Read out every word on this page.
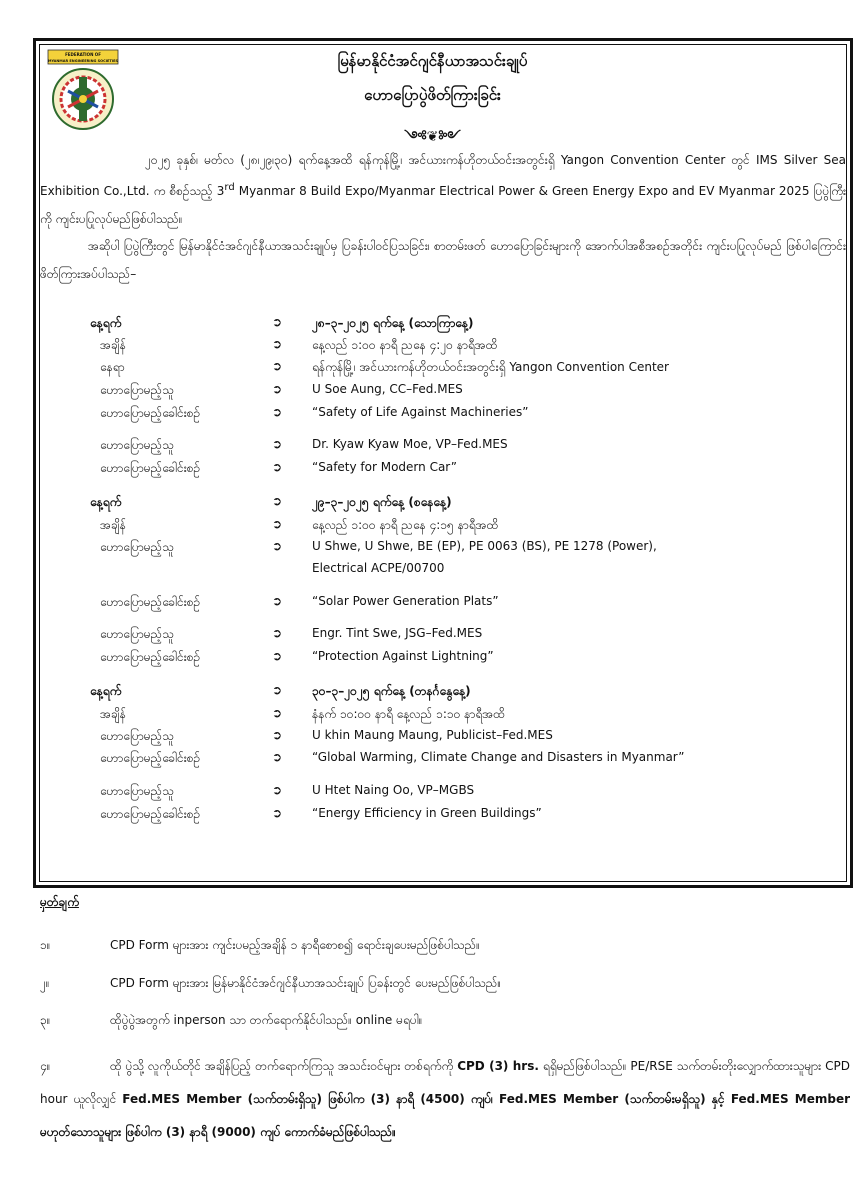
FEDERATION OF
MYANMAR ENGINEERING SOCIETIES	မြန်မာနိုင်ငံအင်ဂျင်နီယာအသင်းချုပ်
ဟောပြောပွဲဖိတ်ကြားခြင်း
༺❦༻
၂၀၂၅ ခုနှစ်၊ မတ်လ (၂၈၊၂၉၊၃၀) ရက်နေ့အထိ ရန်ကုန်မြို့၊ အင်ယားကန်ဟိုတယ်ဝင်းအတွင်းရှိ Yangon Convention Center တွင် IMS Silver Sea Exhibition Co.,Ltd. က စီစဉ်သည့် 3rd Myanmar 8 Build Expo/Myanmar Electrical Power & Green Energy Expo and EV Myanmar 2025 ပြပွဲကြီးကို ကျင်းပပြုလုပ်မည်ဖြစ်ပါသည်။
အဆိုပါ ပြပွဲကြီးတွင် မြန်မာနိုင်ငံအင်ဂျင်နီယာအသင်းချုပ်မှ ပြခန်းပါဝင်ပြသခြင်း၊ စာတမ်းဖတ် ဟောပြောခြင်းများကို အောက်ပါအစီအစဉ်အတိုင်း ကျင်းပပြုလုပ်မည် ဖြစ်ပါကြောင်း ဖိတ်ကြားအပ်ပါသည်–
နေ့ရက်	➲ ၂၈–၃–၂၀၂၅ ရက်နေ့ (သောကြာနေ့)
အချိန်	➲ နေ့လည် ၁:၀၀ နာရီ ညနေ ၄:၂၀ နာရီအထိ
နေရာ	➲ ရန်ကုန်မြို့၊ အင်ယားကန်ဟိုတယ်ဝင်းအတွင်းရှိ Yangon Convention Center
ဟောပြောမည့်သူ	➲ U Soe Aung, CC–Fed.MES
ဟောပြောမည့်ခေါင်းစဉ်	➲ “Safety of Life Against Machineries”
ဟောပြောမည့်သူ	➲ Dr. Kyaw Kyaw Moe, VP–Fed.MES
ဟောပြောမည့်ခေါင်းစဉ်	➲ “Safety for Modern Car”
နေ့ရက်	➲ ၂၉–၃–၂၀၂၅ ရက်နေ့ (စနေနေ့)
အချိန်	➲ နေ့လည် ၁:၀၀ နာရီ ညနေ ၄:၁၅ နာရီအထိ
ဟောပြောမည့်သူ	➲ U Shwe, U Shwe, BE (EP), PE 0063 (BS), PE 1278 (Power),
Electrical ACPE/00700
ဟောပြောမည့်ခေါင်းစဉ်	➲ “Solar Power Generation Plats”
ဟောပြောမည့်သူ	➲ Engr. Tint Swe, JSG–Fed.MES
ဟောပြောမည့်ခေါင်းစဉ်	➲ “Protection Against Lightning”
နေ့ရက်	➲ ၃၀–၃–၂၀၂၅ ရက်နေ့ (တနင်္ဂနွေနေ့)
အချိန်	➲ နံနက် ၁၀:၀၀ နာရီ နေ့လည် ၁:၁၀ နာရီအထိ
ဟောပြောမည့်သူ	➲ U khin Maung Maung, Publicist–Fed.MES
ဟောပြောမည့်ခေါင်းစဉ်	➲ “Global Warming, Climate Change and Disasters in Myanmar”
ဟောပြောမည့်သူ	➲ U Htet Naing Oo, VP–MGBS
ဟောပြောမည့်ခေါင်းစဉ်	➲ “Energy Efficiency in Green Buildings”
မှတ်ချက်
၁။	CPD Form များအား ကျင်းပမည့်အချိန် ၁ နာရီစောစ၍ ရောင်းချပေးမည်ဖြစ်ပါသည်။
၂။	CPD Form များအား မြန်မာနိုင်ငံအင်ဂျင်နီယာအသင်းချုပ် ပြခန်းတွင် ပေးမည်ဖြစ်ပါသည်။
၃။	ထိုပွဲပွဲအတွက် inperson သာ တက်ရောက်နိုင်ပါသည်။ online မရပါ။
၄။	ထို ပွဲသို့ လူကိုယ်တိုင် အချိန်ပြည့် တက်ရောက်ကြသူ အသင်းဝင်များ တစ်ရက်ကို CPD (3) hrs. ရရှိမည်ဖြစ်ပါသည်။ PE/RSE သက်တမ်းတိုးလျှောက်ထားသူများ CPD hour ယူလိုလျှင် Fed.MES Member (သက်တမ်းရှိသူ) ဖြစ်ပါက (3) နာရီ (4500) ကျပ်၊ Fed.MES Member (သက်တမ်းမရှိသူ) နှင့် Fed.MES Member မဟုတ်သောသူများ ဖြစ်ပါက (3) နာရီ (9000) ကျပ် ကောက်ခံမည်ဖြစ်ပါသည်။
